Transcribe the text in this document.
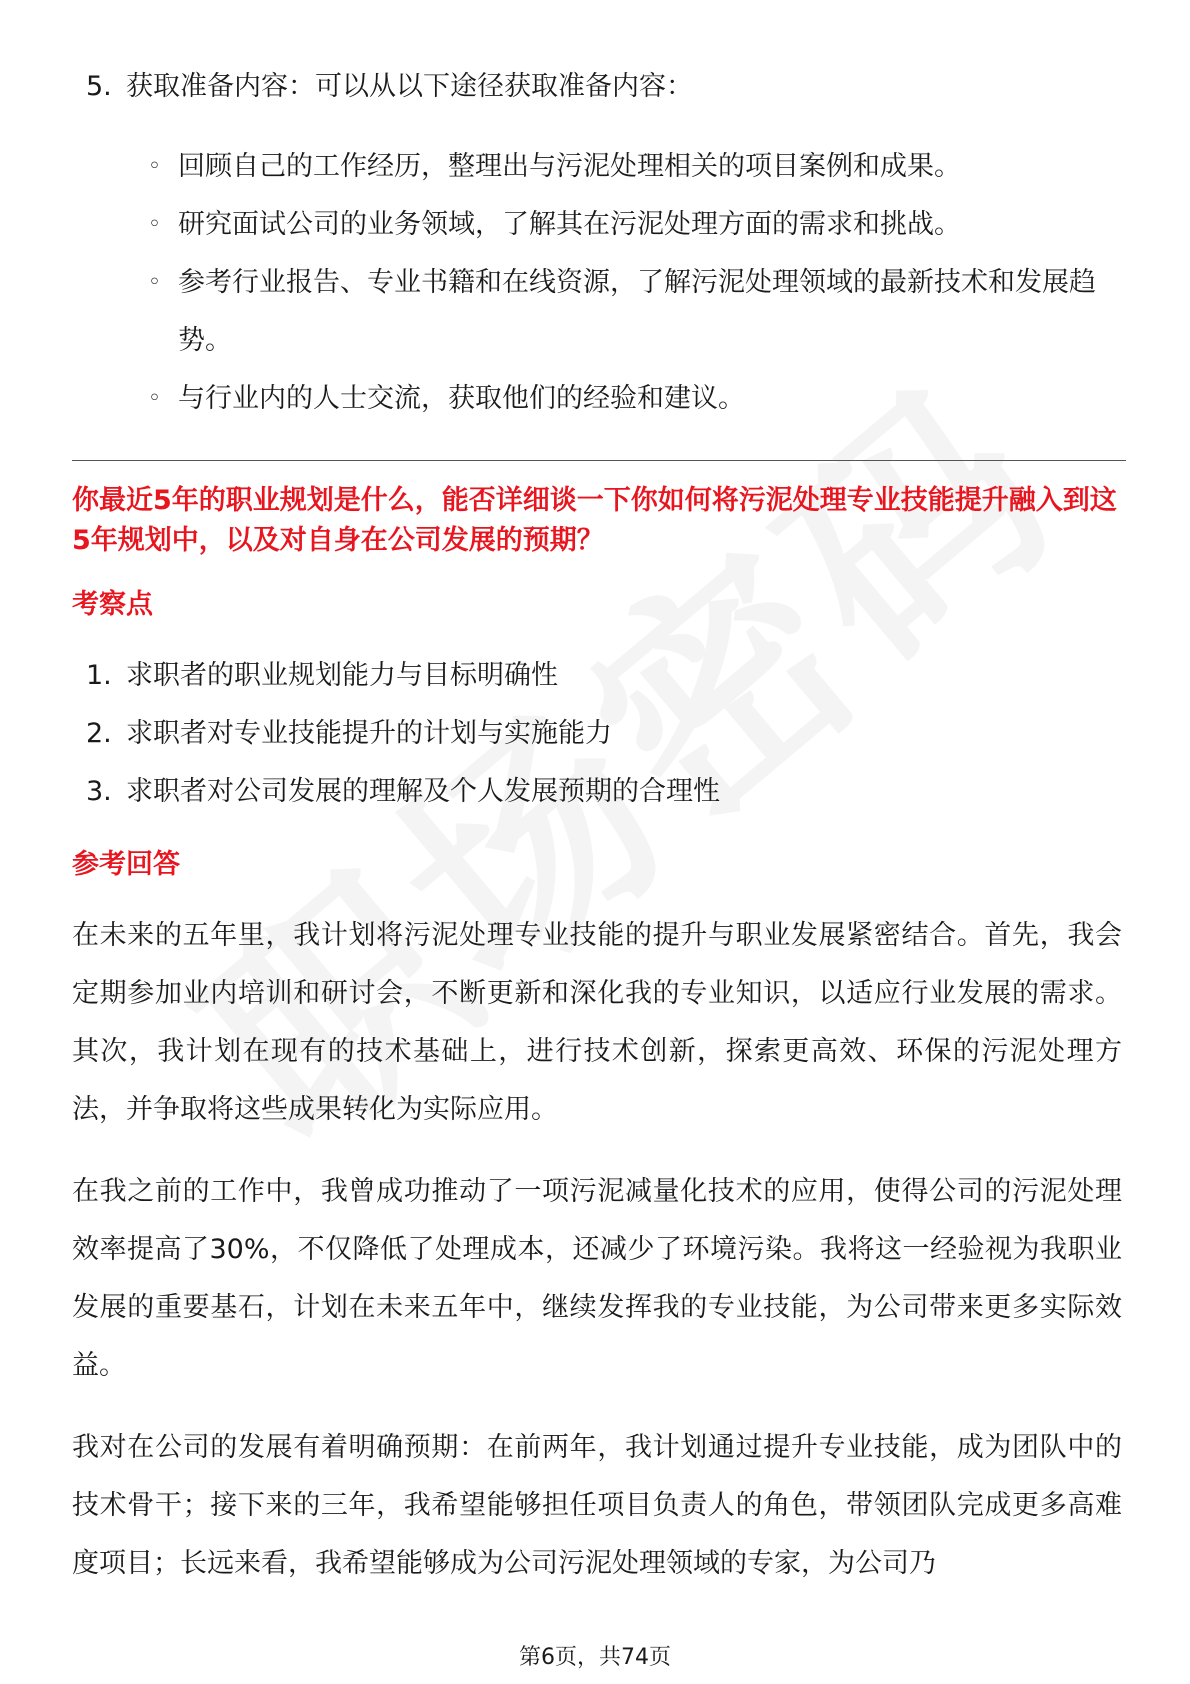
5. 获取准备内容：可以从以下途径获取准备内容：
◦ 回顾自己的工作经历，整理出与污泥处理相关的项目案例和成果。
◦ 研究面试公司的业务领域，了解其在污泥处理方面的需求和挑战。
◦ 参考行业报告、专业书籍和在线资源，了解污泥处理领域的最新技术和发展趋势。
◦ 与行业内的人士交流，获取他们的经验和建议。
你最近5年的职业规划是什么，能否详细谈一下你如何将污泥处理专业技能提升融入到这5年规划中，以及对自身在公司发展的预期？
考察点
1. 求职者的职业规划能力与目标明确性
2. 求职者对专业技能提升的计划与实施能力
3. 求职者对公司发展的理解及个人发展预期的合理性
参考回答
在未来的五年里，我计划将污泥处理专业技能的提升与职业发展紧密结合。首先，我会定期参加业内培训和研讨会，不断更新和深化我的专业知识，以适应行业发展的需求。其次，我计划在现有的技术基础上，进行技术创新，探索更高效、环保的污泥处理方法，并争取将这些成果转化为实际应用。
在我之前的工作中，我曾成功推动了一项污泥减量化技术的应用，使得公司的污泥处理效率提高了30%，不仅降低了处理成本，还减少了环境污染。我将这一经验视为我职业发展的重要基石，计划在未来五年中，继续发挥我的专业技能，为公司带来更多实际效益。
我对在公司的发展有着明确预期：在前两年，我计划通过提升专业技能，成为团队中的技术骨干；接下来的三年，我希望能够担任项目负责人的角色，带领团队完成更多高难度项目；长远来看，我希望能够成为公司污泥处理领域的专家，为公司乃
第6页，共74页
